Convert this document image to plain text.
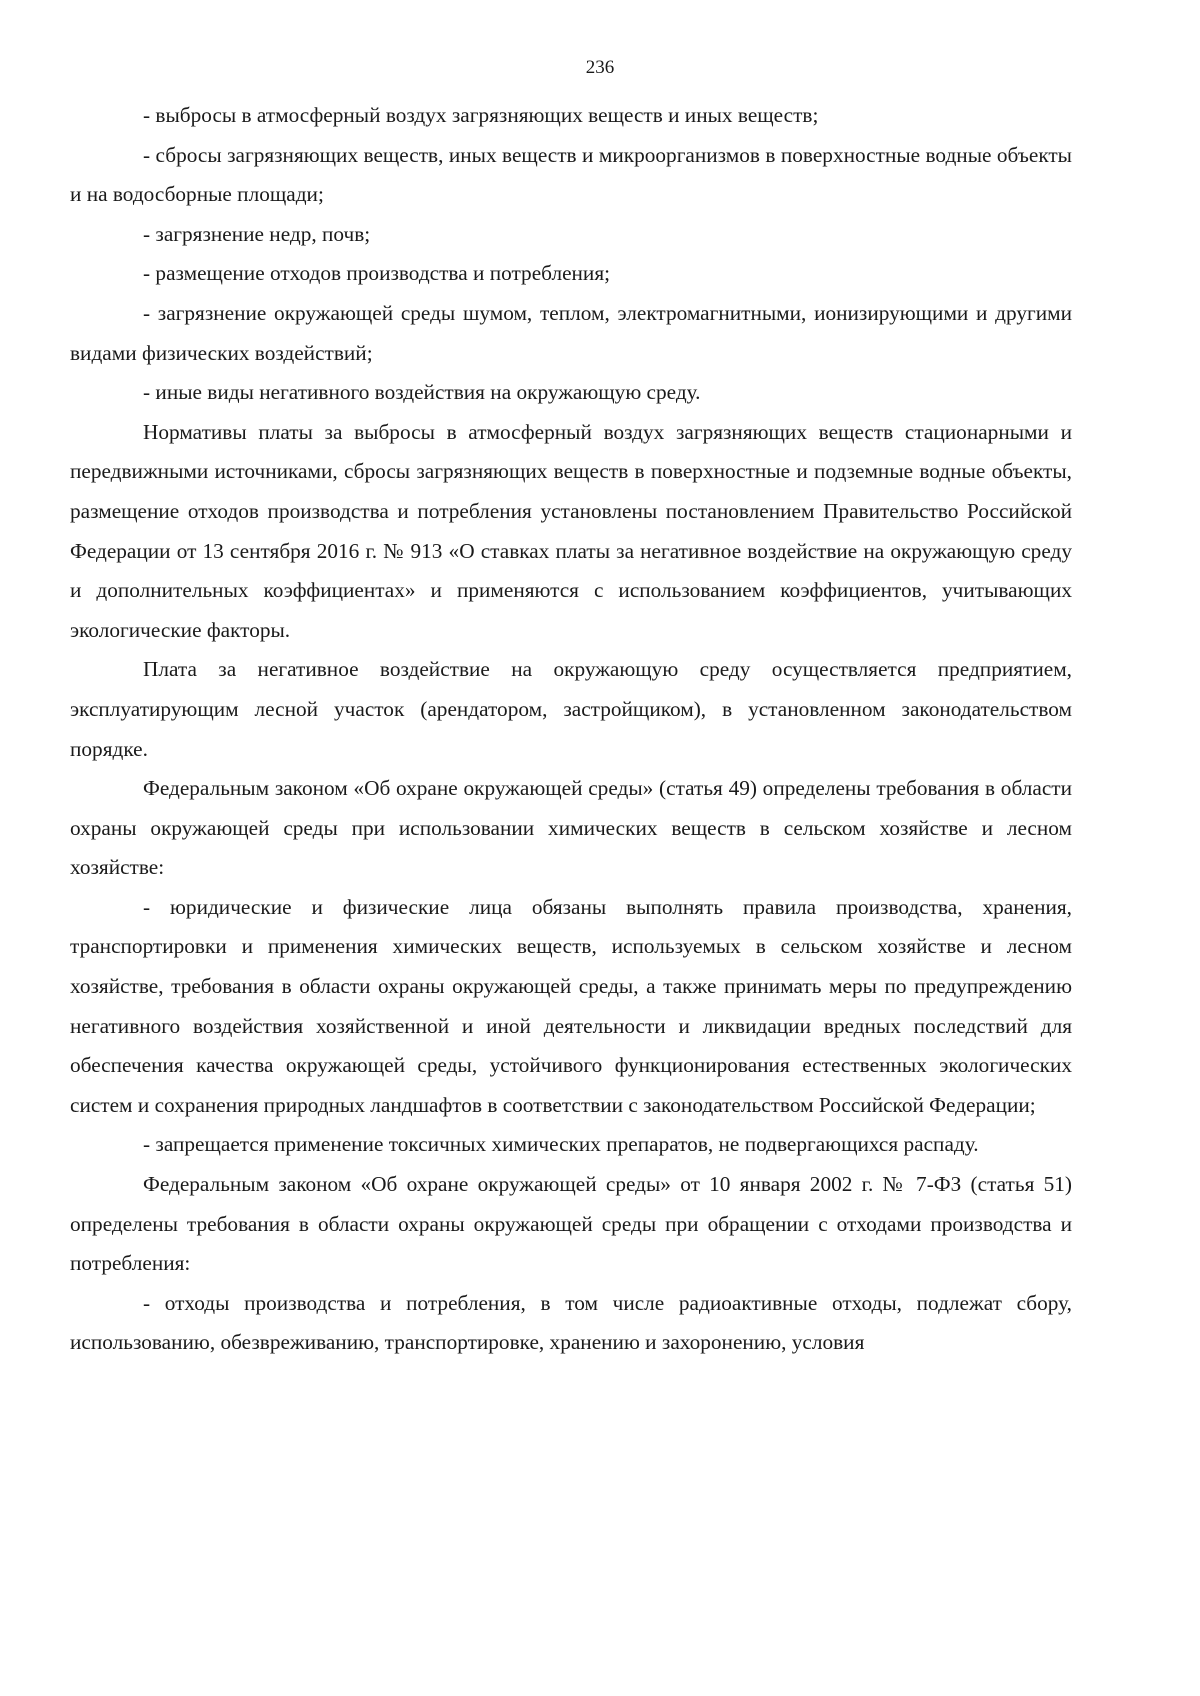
236

- выбросы в атмосферный воздух загрязняющих веществ и иных веществ;

- сбросы загрязняющих веществ, иных веществ и микроорганизмов в поверхностные водные объекты и на водосборные площади;

- загрязнение недр, почв;

- размещение отходов производства и потребления;

- загрязнение окружающей среды шумом, теплом, электромагнитными, ионизирующими и другими видами физических воздействий;

- иные виды негативного воздействия на окружающую среду.

Нормативы платы за выбросы в атмосферный воздух загрязняющих веществ стационарными и передвижными источниками, сбросы загрязняющих веществ в поверхностные и подземные водные объекты, размещение отходов производства и потребления установлены постановлением Правительство Российской Федерации от 13 сентября 2016 г. № 913 «О ставках платы за негативное воздействие на окружающую среду и дополнительных коэффициентах» и применяются с использованием коэффициентов, учитывающих экологические факторы.

Плата за негативное воздействие на окружающую среду осуществляется предприятием, эксплуатирующим лесной участок (арендатором, застройщиком), в установленном законодательством порядке.

Федеральным законом «Об охране окружающей среды» (статья 49) определены требования в области охраны окружающей среды при использовании химических веществ в сельском хозяйстве и лесном хозяйстве:

- юридические и физические лица обязаны выполнять правила производства, хранения, транспортировки и применения химических веществ, используемых в сельском хозяйстве и лесном хозяйстве, требования в области охраны окружающей среды, а также принимать меры по предупреждению негативного воздействия хозяйственной и иной деятельности и ликвидации вредных последствий для обеспечения качества окружающей среды, устойчивого функционирования естественных экологических систем и сохранения природных ландшафтов в соответствии с законодательством Российской Федерации;

- запрещается применение токсичных химических препаратов, не подвергающихся распаду.

Федеральным законом «Об охране окружающей среды» от 10 января 2002 г. № 7-ФЗ (статья 51) определены требования в области охраны окружающей среды при обращении с отходами производства и потребления:

- отходы производства и потребления, в том числе радиоактивные отходы, подлежат сбору, использованию, обезвреживанию, транспортировке, хранению и захоронению, условия
